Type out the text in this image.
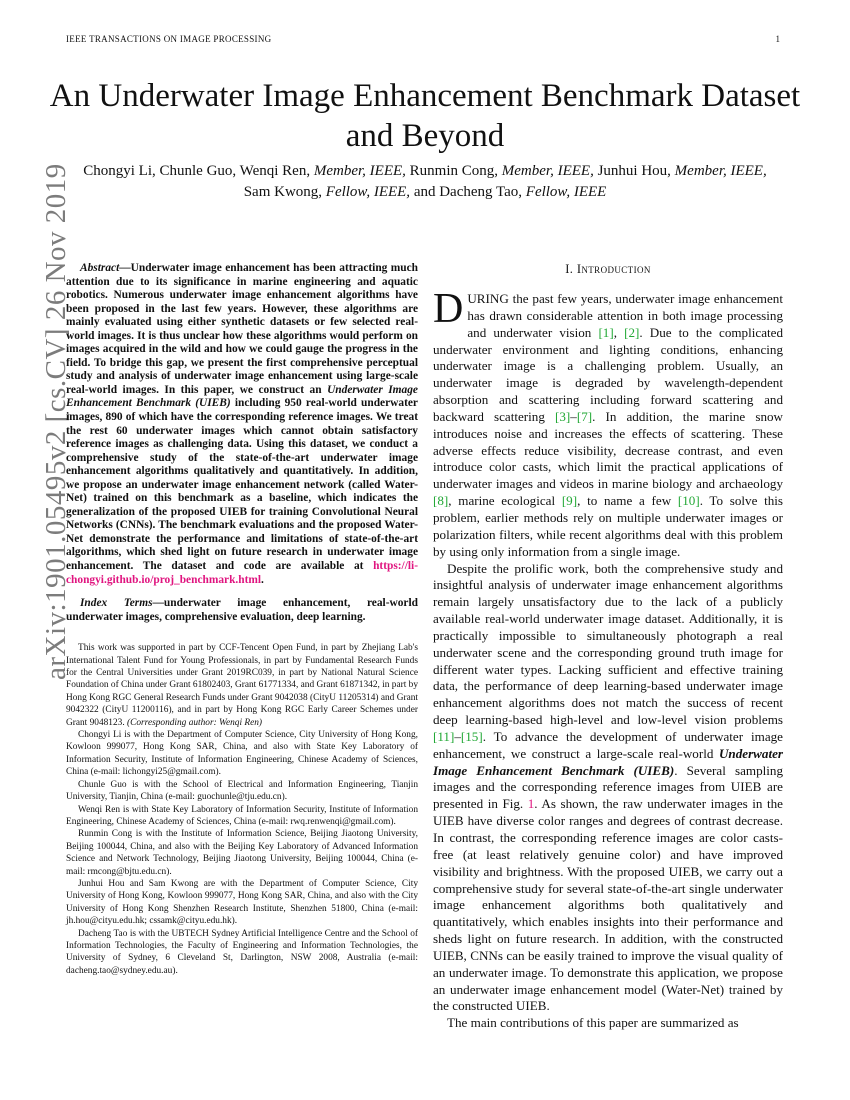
IEEE TRANSACTIONS ON IMAGE PROCESSING	1
An Underwater Image Enhancement Benchmark Dataset and Beyond
Chongyi Li, Chunle Guo, Wenqi Ren, Member, IEEE, Runmin Cong, Member, IEEE, Junhui Hou, Member, IEEE,
Sam Kwong, Fellow, IEEE, and Dacheng Tao, Fellow, IEEE
arXiv:1901.05495v2 [cs.CV] 26 Nov 2019 Abstract—Underwater image enhancement has been attracting much attention due to its significance in marine engineering and aquatic robotics. Numerous underwater image enhancement algorithms have been proposed in the last few years. However, these algorithms are mainly evaluated using either synthetic datasets or few selected real-world images. It is thus unclear how these algorithms would perform on images acquired in the wild and how we could gauge the progress in the field. To bridge this gap, we present the first comprehensive perceptual study and analysis of underwater image enhancement using large-scale real-world images. In this paper, we construct an Underwater Image Enhancement Benchmark (UIEB) including 950 real-world underwater images, 890 of which have the corresponding reference images. We treat the rest 60 underwater images which cannot obtain satisfactory reference images as challenging data. Using this dataset, we conduct a comprehensive study of the state-of-the-art underwater image enhancement algorithms qualitatively and quantitatively. In addition, we propose an underwater image enhancement network (called Water-Net) trained on this benchmark as a baseline, which indicates the generalization of the proposed UIEB for training Convolutional Neural Networks (CNNs). The benchmark evaluations and the proposed Water-Net demonstrate the performance and limitations of state-of-the-art algorithms, which shed light on future research in underwater image enhancement. The dataset and code are available at https://li-chongyi.github.io/proj_benchmark.html.

Index Terms—underwater image enhancement, real-world underwater images, comprehensive evaluation, deep learning.

This work was supported in part by CCF-Tencent Open Fund, in part by Zhejiang Lab's International Talent Fund for Young Professionals, in part by Fundamental Research Funds for the Central Universities under Grant 2019RC039, in part by National Natural Science Foundation of China under Grant 61802403, Grant 61771334, and Grant 61871342, in part by Hong Kong RGC General Research Funds under Grant 9042038 (CityU 11205314) and Grant 9042322 (CityU 11200116), and in part by Hong Kong RGC Early Career Schemes under Grant 9048123. (Corresponding author: Wenqi Ren)

Chongyi Li is with the Department of Computer Science, City University of Hong Kong, Kowloon 999077, Hong Kong SAR, China, and also with State Key Laboratory of Information Security, Institute of Information Engineering, Chinese Academy of Sciences, China (e-mail: lichongyi25@gmail.com).

Chunle Guo is with the School of Electrical and Information Engineering, Tianjin University, Tianjin, China (e-mail: guochunle@tju.edu.cn).

Wenqi Ren is with State Key Laboratory of Information Security, Institute of Information Engineering, Chinese Academy of Sciences, China (e-mail: rwq.renwenqi@gmail.com).

Runmin Cong is with the Institute of Information Science, Beijing Jiaotong University, Beijing 100044, China, and also with the Beijing Key Laboratory of Advanced Information Science and Network Technology, Beijing Jiaotong University, Beijing 100044, China (e-mail: rmcong@bjtu.edu.cn).

Junhui Hou and Sam Kwong are with the Department of Computer Science, City University of Hong Kong, Kowloon 999077, Hong Kong SAR, China, and also with the City University of Hong Kong Shenzhen Research Institute, Shenzhen 51800, China (e-mail: jh.hou@cityu.edu.hk; cssamk@cityu.edu.hk).

Dacheng Tao is with the UBTECH Sydney Artificial Intelligence Centre and the School of Information Technologies, the Faculty of Engineering and Information Technologies, the University of Sydney, 6 Cleveland St, Darlington, NSW 2008, Australia (e-mail: dacheng.tao@sydney.edu.au).

I. Introduction

DURING the past few years, underwater image enhancement has drawn considerable attention in both image processing and underwater vision [1], [2]. Due to the complicated underwater environment and lighting conditions, enhancing underwater image is a challenging problem. Usually, an underwater image is degraded by wavelength-dependent absorption and scattering including forward scattering and backward scattering [3]–[7]. In addition, the marine snow introduces noise and increases the effects of scattering. These adverse effects reduce visibility, decrease contrast, and even introduce color casts, which limit the practical applications of underwater images and videos in marine biology and archaeology [8], marine ecological [9], to name a few [10]. To solve this problem, earlier methods rely on multiple underwater images or polarization filters, while recent algorithms deal with this problem by using only information from a single image.

Despite the prolific work, both the comprehensive study and insightful analysis of underwater image enhancement algorithms remain largely unsatisfactory due to the lack of a publicly available real-world underwater image dataset. Additionally, it is practically impossible to simultaneously photograph a real underwater scene and the corresponding ground truth image for different water types. Lacking sufficient and effective training data, the performance of deep learning-based underwater image enhancement algorithms does not match the success of recent deep learning-based high-level and low-level vision problems [11]–[15]. To advance the development of underwater image enhancement, we construct a large-scale real-world Underwater Image Enhancement Benchmark (UIEB). Several sampling images and the corresponding reference images from UIEB are presented in Fig. 1. As shown, the raw underwater images in the UIEB have diverse color ranges and degrees of contrast decrease. In contrast, the corresponding reference images are color casts-free (at least relatively genuine color) and have improved visibility and brightness. With the proposed UIEB, we carry out a comprehensive study for several state-of-the-art single underwater image enhancement algorithms both qualitatively and quantitatively, which enables insights into their performance and sheds light on future research. In addition, with the constructed UIEB, CNNs can be easily trained to improve the visual quality of an underwater image. To demonstrate this application, we propose an underwater image enhancement model (Water-Net) trained by the constructed UIEB.

The main contributions of this paper are summarized as
